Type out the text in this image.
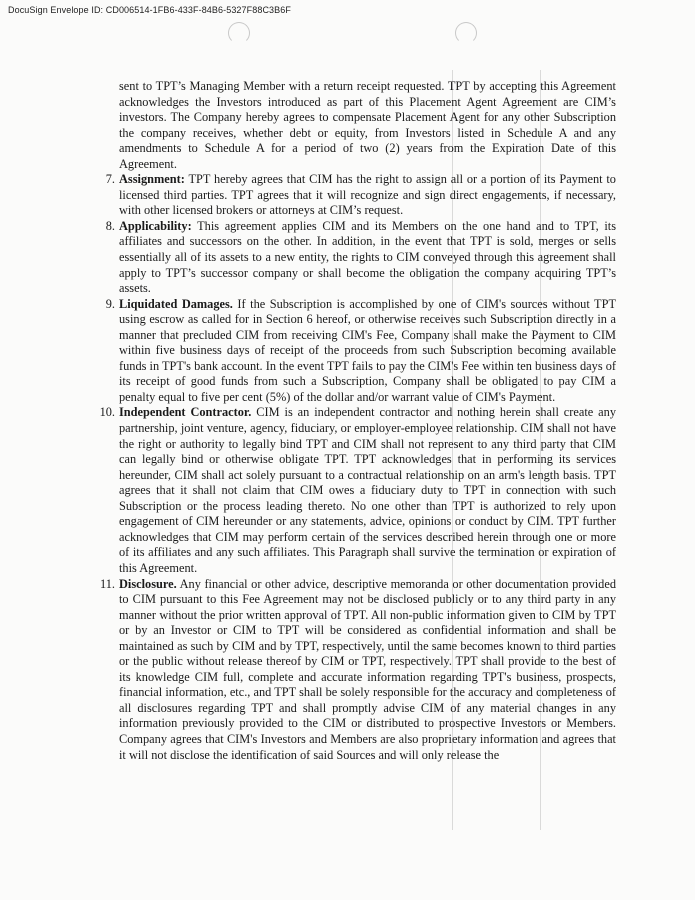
DocuSign Envelope ID: CD006514-1FB6-433F-84B6-5327F88C3B6F

sent to TPT’s Managing Member with a return receipt requested. TPT by accepting this Agreement acknowledges the Investors introduced as part of this Placement Agent Agreement are CIM’s investors. The Company hereby agrees to compensate Placement Agent for any other Subscription the company receives, whether debt or equity, from Investors listed in Schedule A and any amendments to Schedule A for a period of two (2) years from the Expiration Date of this Agreement.

7. Assignment: TPT hereby agrees that CIM has the right to assign all or a portion of its Payment to licensed third parties. TPT agrees that it will recognize and sign direct engagements, if necessary, with other licensed brokers or attorneys at CIM’s request.
8. Applicability: This agreement applies CIM and its Members on the one hand and to TPT, its affiliates and successors on the other. In addition, in the event that TPT is sold, merges or sells essentially all of its assets to a new entity, the rights to CIM conveyed through this agreement shall apply to TPT’s successor company or shall become the obligation the company acquiring TPT’s assets.
9. Liquidated Damages. If the Subscription is accomplished by one of CIM's sources without TPT using escrow as called for in Section 6 hereof, or otherwise receives such Subscription directly in a manner that precluded CIM from receiving CIM's Fee, Company shall make the Payment to CIM within five business days of receipt of the proceeds from such Subscription becoming available funds in TPT's bank account. In the event TPT fails to pay the CIM's Fee within ten business days of its receipt of good funds from such a Subscription, Company shall be obligated to pay CIM a penalty equal to five per cent (5%) of the dollar and/or warrant value of CIM's Payment.
10. Independent Contractor. CIM is an independent contractor and nothing herein shall create any partnership, joint venture, agency, fiduciary, or employer-employee relationship. CIM shall not have the right or authority to legally bind TPT and CIM shall not represent to any third party that CIM can legally bind or otherwise obligate TPT. TPT acknowledges that in performing its services hereunder, CIM shall act solely pursuant to a contractual relationship on an arm's length basis. TPT agrees that it shall not claim that CIM owes a fiduciary duty to TPT in connection with such Subscription or the process leading thereto. No one other than TPT is authorized to rely upon engagement of CIM hereunder or any statements, advice, opinions or conduct by CIM. TPT further acknowledges that CIM may perform certain of the services described herein through one or more of its affiliates and any such affiliates. This Paragraph shall survive the termination or expiration of this Agreement.
11. Disclosure. Any financial or other advice, descriptive memoranda or other documentation provided to CIM pursuant to this Fee Agreement may not be disclosed publicly or to any third party in any manner without the prior written approval of TPT. All non-public information given to CIM by TPT or by an Investor or CIM to TPT will be considered as confidential information and shall be maintained as such by CIM and by TPT, respectively, until the same becomes known to third parties or the public without release thereof by CIM or TPT, respectively. TPT shall provide to the best of its knowledge CIM full, complete and accurate information regarding TPT's business, prospects, financial information, etc., and TPT shall be solely responsible for the accuracy and completeness of all disclosures regarding TPT and shall promptly advise CIM of any material changes in any information previously provided to the CIM or distributed to prospective Investors or Members. Company agrees that CIM's Investors and Members are also proprietary information and agrees that it will not disclose the identification of said Sources and will only release the
